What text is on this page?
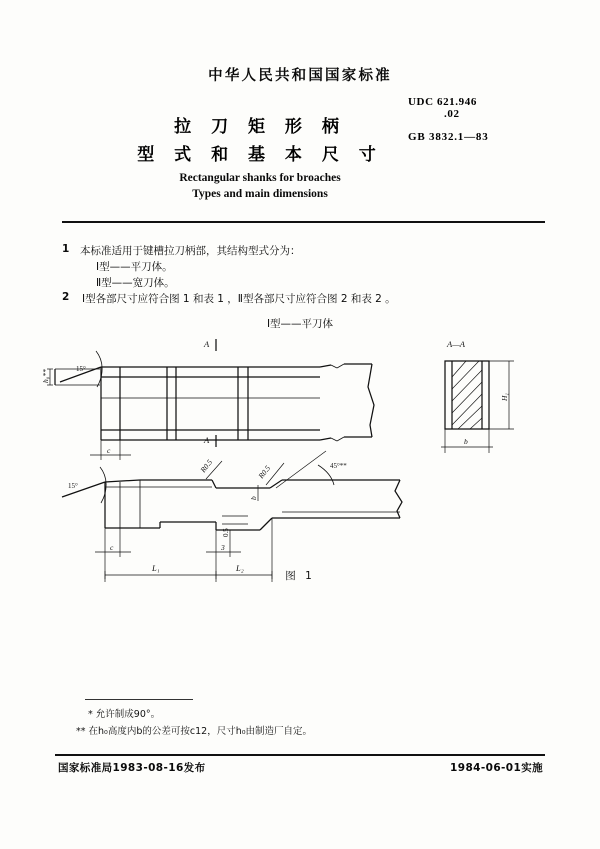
中华人民共和国国家标准
拉 刀 矩 形 柄
型 式 和 基 本 尺 寸
Rectangular shanks for broaches
Types and main dimensions
UDC 621.946
.02
GB 3832.1—83
1 本标准适用于键槽拉刀柄部，其结构型式分为：
Ⅰ型——平刀体。
Ⅱ型——宽刀体。
2 Ⅰ型各部尺寸应符合图 1 和表 1 ，Ⅱ型各部尺寸应符合图 2 和表 2 。
Ⅰ型——平刀体
A
15°
h₀**
c
A
A—A
H₁
b
15°
b
R0.5	R0.5	45°**
0.5
c	3
L₁	L₂
图 1
* 允许制成90°。
** 在h₀高度内b的公差可按c12，尺寸h₀由制造厂自定。
国家标准局1983-08-16发布	1984-06-01实施
